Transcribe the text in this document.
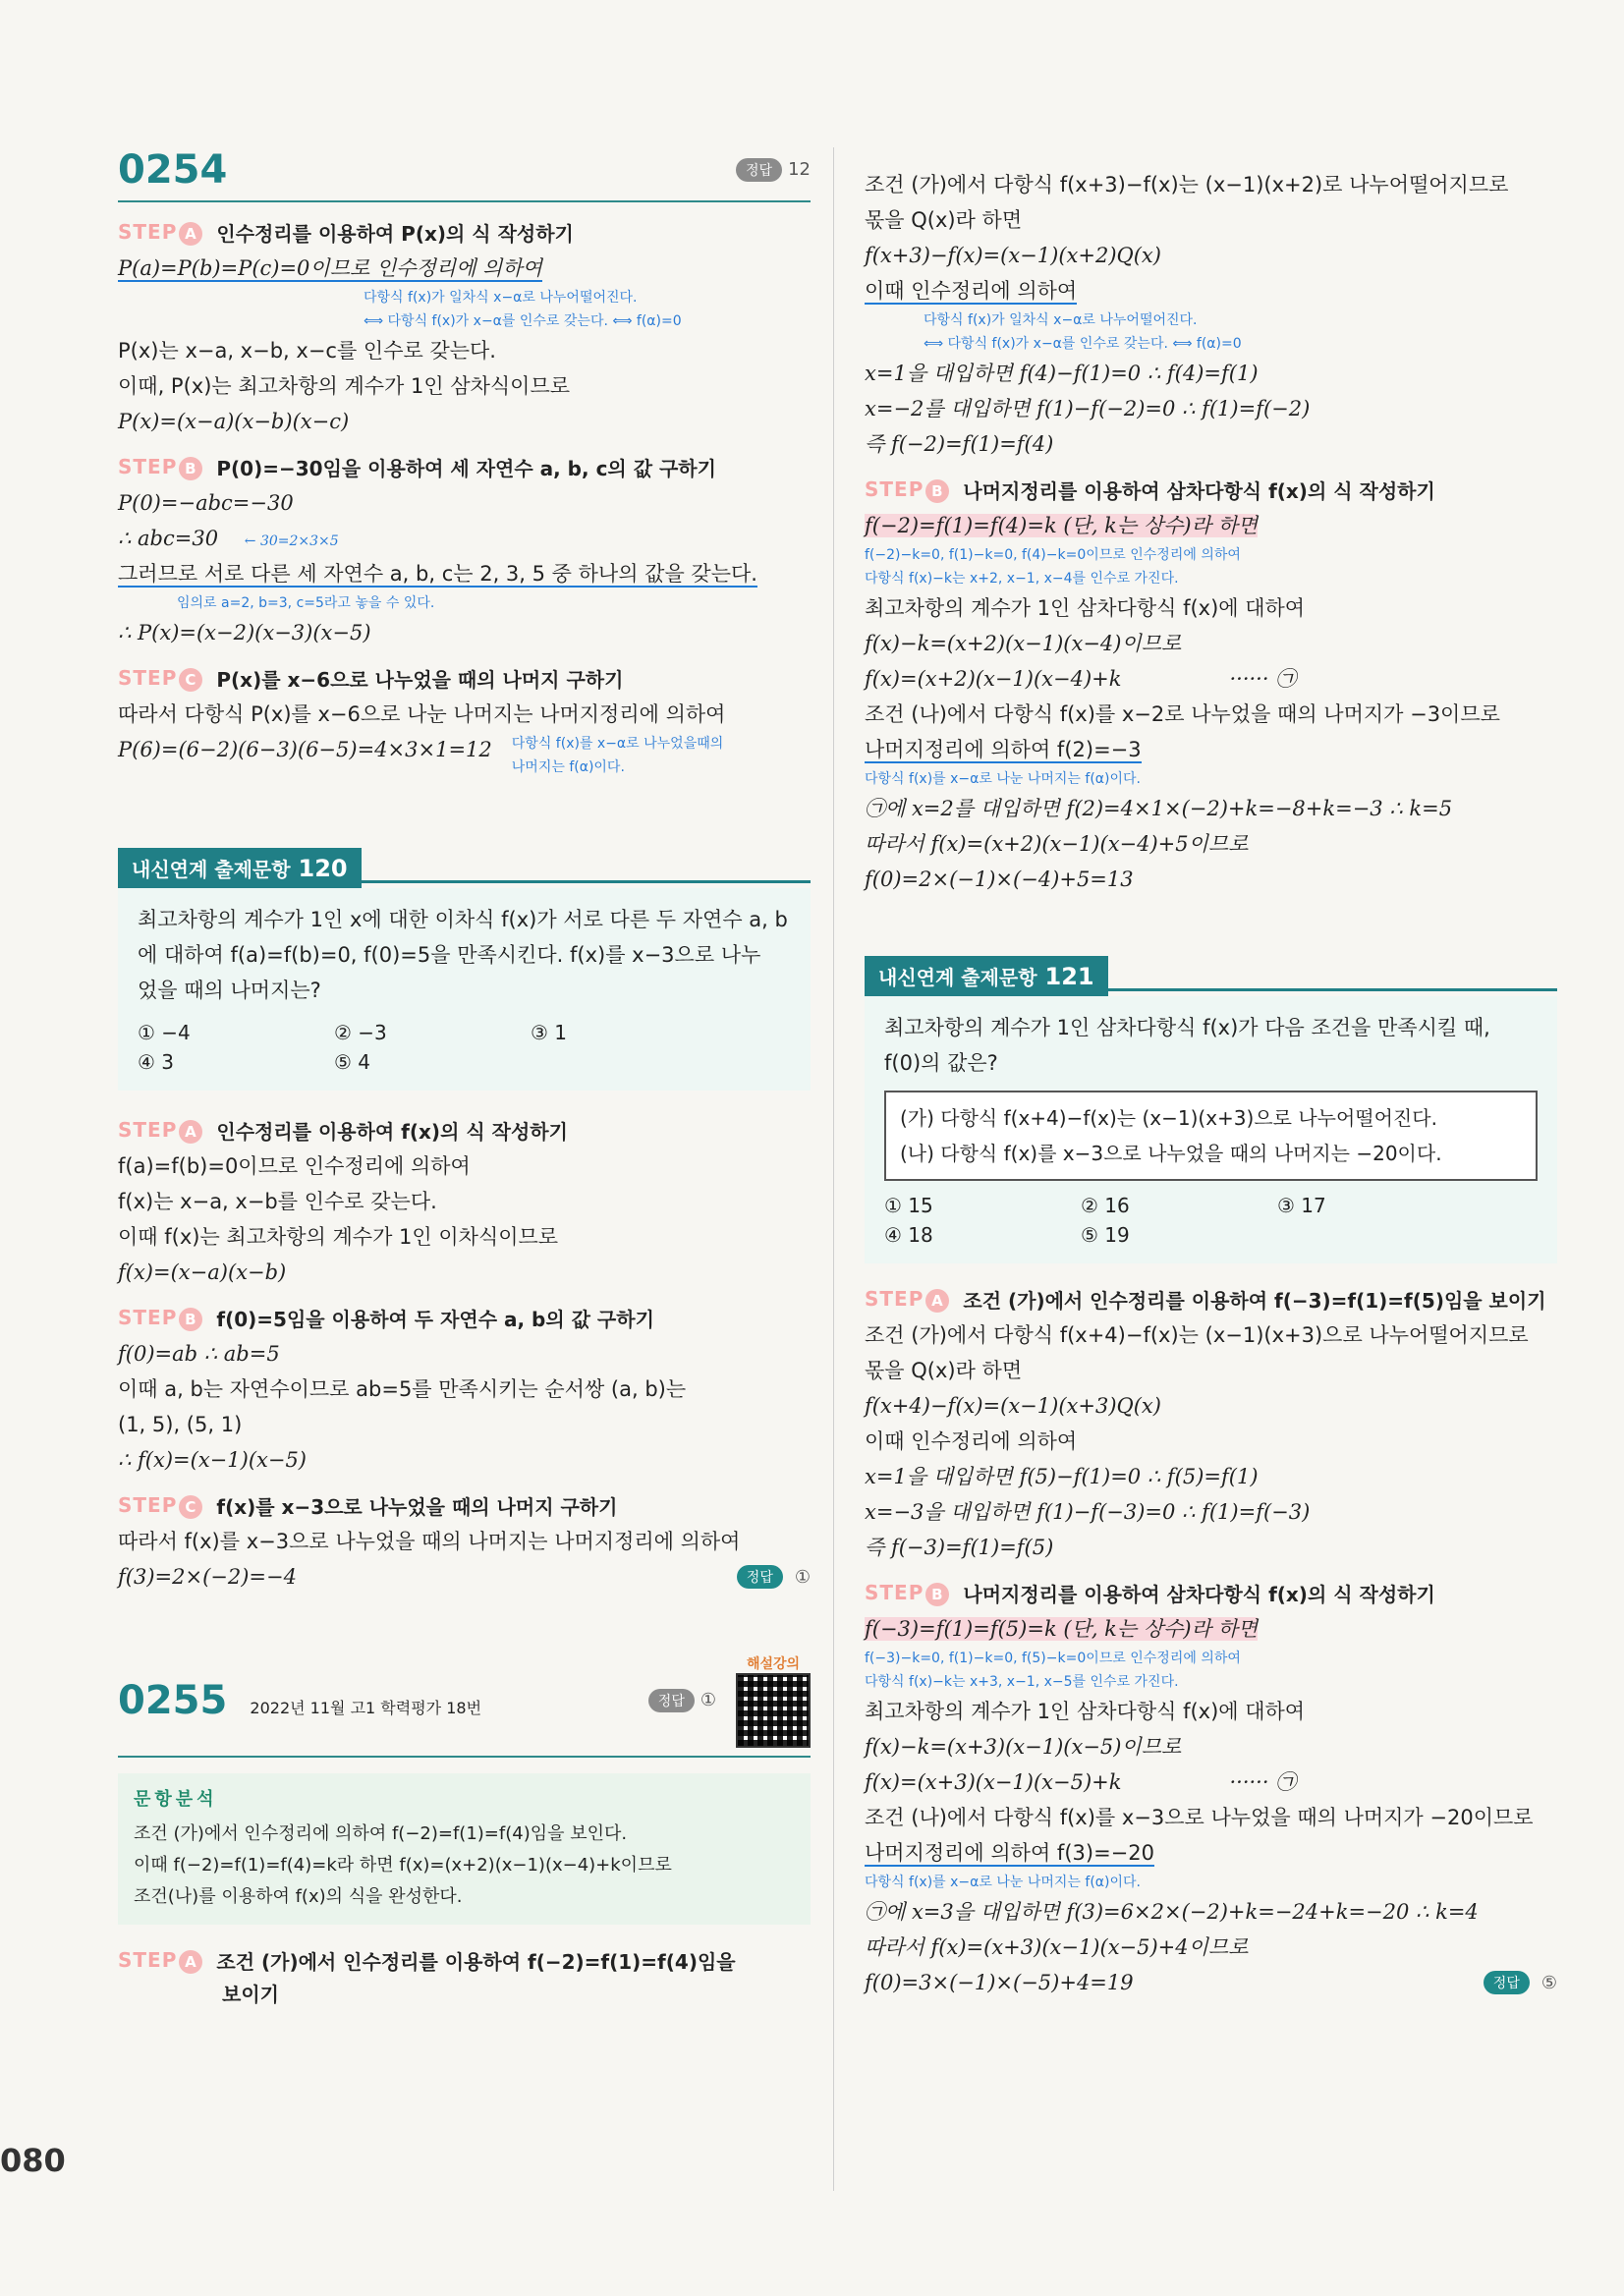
0254	정답 12
STEP A 인수정리를 이용하여 P(x)의 식 작성하기
P(a)=P(b)=P(c)=0이므로 인수정리에 의하여
다항식 f(x)가 일차식 x−α로 나누어떨어진다.
⟺ 다항식 f(x)가 x−α를 인수로 갖는다. ⟺ f(α)=0
P(x)는 x−a, x−b, x−c를 인수로 갖는다.
이때, P(x)는 최고차항의 계수가 1인 삼차식이므로
P(x)=(x−a)(x−b)(x−c)
STEP B P(0)=−30임을 이용하여 세 자연수 a, b, c의 값 구하기
P(0)=−abc=−30
∴ abc=30 ← 30=2×3×5
그러므로 서로 다른 세 자연수 a, b, c는 2, 3, 5 중 하나의 값을 갖는다.
임의로 a=2, b=3, c=5라고 놓을 수 있다.
∴ P(x)=(x−2)(x−3)(x−5)
STEP C	P(x)를 x−6으로 나누었을 때의 나머지 구하기
따라서 다항식 P(x)를 x−6으로 나눈 나머지는 나머지정리에 의하여
P(6)=(6−2)(6−3)(6−5)=4×3×1=12 다항식 f(x)를 x−α로 나누었을때의
나머지는 f(α)이다.
내신연계 출제문항 120
최고차항의 계수가 1인 x에 대한 이차식 f(x)가 서로 다른 두 자연수 a, b
에 대하여 f(a)=f(b)=0, f(0)=5을 만족시킨다. f(x)를 x−3으로 나누
었을 때의 나머지는?
① −4	② −3	③ 1
④ 3	⑤ 4
STEP A 인수정리를 이용하여 f(x)의 식 작성하기
f(a)=f(b)=0이므로 인수정리에 의하여
f(x)는 x−a, x−b를 인수로 갖는다.
이때 f(x)는 최고차항의 계수가 1인 이차식이므로
f(x)=(x−a)(x−b)
STEP B f(0)=5임을 이용하여 두 자연수 a, b의 값 구하기
f(0)=ab ∴ ab=5
이때 a, b는 자연수이므로 ab=5를 만족시키는 순서쌍 (a, b)는
(1, 5), (5, 1)
∴ f(x)=(x−1)(x−5)
STEP C	f(x)를 x−3으로 나누었을 때의 나머지 구하기
따라서 f(x)를 x−3으로 나누었을 때의 나머지는 나머지정리에 의하여
f(3)=2×(−2)=−4	정답	①
0255 2022년 11월 고1 학력평가 18번	정답 ①
해설강의
문항분석
조건 (가)에서 인수정리에 의하여 f(−2)=f(1)=f(4)임을 보인다.
이때 f(−2)=f(1)=f(4)=k라 하면 f(x)=(x+2)(x−1)(x−4)+k이므로
조건(나)를 이용하여 f(x)의 식을 완성한다.
STEP A 조건 (가)에서 인수정리를 이용하여 f(−2)=f(1)=f(4)임을
보이기
조건 (가)에서 다항식 f(x+3)−f(x)는 (x−1)(x+2)로 나누어떨어지므로
몫을 Q(x)라 하면
f(x+3)−f(x)=(x−1)(x+2)Q(x)
이때 인수정리에 의하여
다항식 f(x)가 일차식 x−α로 나누어떨어진다.
⟺ 다항식 f(x)가 x−α를 인수로 갖는다. ⟺ f(α)=0
x=1을 대입하면 f(4)−f(1)=0 ∴ f(4)=f(1)
x=−2를 대입하면 f(1)−f(−2)=0 ∴ f(1)=f(−2)
즉 f(−2)=f(1)=f(4)
STEP B 나머지정리를 이용하여 삼차다항식 f(x)의 식 작성하기
f(−2)=f(1)=f(4)=k (단, k는 상수)라 하면
f(−2)−k=0, f(1)−k=0, f(4)−k=0이므로 인수정리에 의하여
다항식 f(x)−k는 x+2, x−1, x−4를 인수로 가진다.
최고차항의 계수가 1인 삼차다항식 f(x)에 대하여
f(x)−k=(x+2)(x−1)(x−4)이므로
f(x)=(x+2)(x−1)(x−4)+k	······ ㉠
조건 (나)에서 다항식 f(x)를 x−2로 나누었을 때의 나머지가 −3이므로
나머지정리에 의하여 f(2)=−3
다항식 f(x)를 x−α로 나눈 나머지는 f(α)이다.
㉠에 x=2를 대입하면 f(2)=4×1×(−2)+k=−8+k=−3 ∴ k=5
따라서 f(x)=(x+2)(x−1)(x−4)+5이므로
f(0)=2×(−1)×(−4)+5=13
내신연계 출제문항 121
최고차항의 계수가 1인 삼차다항식 f(x)가 다음 조건을 만족시킬 때,
f(0)의 값은?
(가) 다항식 f(x+4)−f(x)는 (x−1)(x+3)으로 나누어떨어진다.
(나) 다항식 f(x)를 x−3으로 나누었을 때의 나머지는 −20이다.
① 15	② 16	③ 17
④ 18	⑤ 19
STEP A 조건 (가)에서 인수정리를 이용하여 f(−3)=f(1)=f(5)임을 보이기
조건 (가)에서 다항식 f(x+4)−f(x)는 (x−1)(x+3)으로 나누어떨어지므로
몫을 Q(x)라 하면
f(x+4)−f(x)=(x−1)(x+3)Q(x)
이때 인수정리에 의하여
x=1을 대입하면 f(5)−f(1)=0 ∴ f(5)=f(1)
x=−3을 대입하면 f(1)−f(−3)=0 ∴ f(1)=f(−3)
즉 f(−3)=f(1)=f(5)
STEP B 나머지정리를 이용하여 삼차다항식 f(x)의 식 작성하기
f(−3)=f(1)=f(5)=k (단, k는 상수)라 하면
f(−3)−k=0, f(1)−k=0, f(5)−k=0이므로 인수정리에 의하여
다항식 f(x)−k는 x+3, x−1, x−5를 인수로 가진다.
최고차항의 계수가 1인 삼차다항식 f(x)에 대하여
f(x)−k=(x+3)(x−1)(x−5)이므로
f(x)=(x+3)(x−1)(x−5)+k	······ ㉠
조건 (나)에서 다항식 f(x)를 x−3으로 나누었을 때의 나머지가 −20이므로
나머지정리에 의하여 f(3)=−20
다항식 f(x)를 x−α로 나눈 나머지는 f(α)이다.
㉠에 x=3을 대입하면 f(3)=6×2×(−2)+k=−24+k=−20 ∴ k=4
따라서 f(x)=(x+3)(x−1)(x−5)+4이므로
f(0)=3×(−1)×(−5)+4=19	정답	⑤
080
